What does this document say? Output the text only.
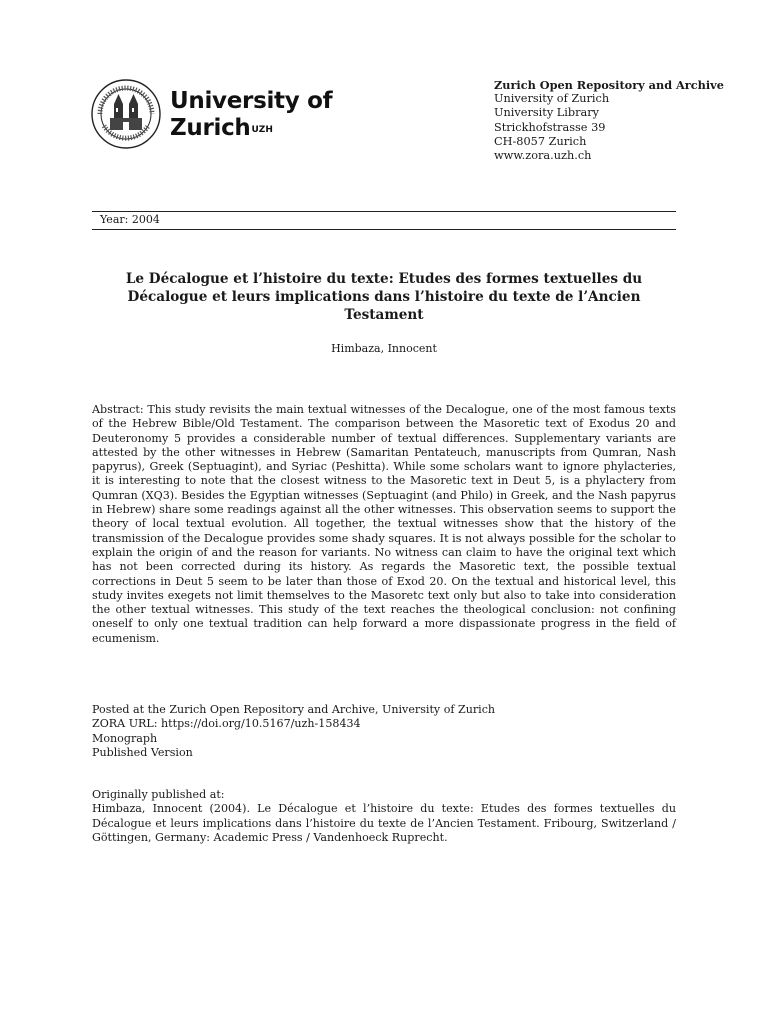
University of
Zurich$^{UZH}$
Zurich Open Repository and Archive
University of Zurich
University Library
Strickhofstrasse 39
CH-8057 Zurich
www.zora.uzh.ch
Year: 2004
Le Décalogue et l’histoire du texte: Etudes des formes textuelles du Décalogue et leurs implications dans l’histoire du texte de l’Ancien Testament
Himbaza, Innocent
Abstract: This study revisits the main textual witnesses of the Decalogue, one of the most famous texts of the Hebrew Bible/Old Testament. The comparison between the Masoretic text of Exodus 20 and Deuteronomy 5 provides a considerable number of textual differences. Supplementary variants are attested by the other witnesses in Hebrew (Samaritan Pentateuch, manuscripts from Qumran, Nash papyrus), Greek (Septuagint), and Syriac (Peshitta). While some scholars want to ignore phylacteries, it is interesting to note that the closest witness to the Masoretic text in Deut 5, is a phylactery from Qumran (XQ3). Besides the Egyptian witnesses (Septuagint (and Philo) in Greek, and the Nash papyrus in Hebrew) share some readings against all the other witnesses. This observation seems to support the theory of local textual evolution. All together, the textual witnesses show that the history of the transmission of the Decalogue provides some shady squares. It is not always possible for the scholar to explain the origin of and the reason for variants. No witness can claim to have the original text which has not been corrected during its history. As regards the Masoretic text, the possible textual corrections in Deut 5 seem to be later than those of Exod 20. On the textual and historical level, this study invites exegets not limit themselves to the Masoretc text only but also to take into consideration the other textual witnesses. This study of the text reaches the theological conclusion: not confining oneself to only one textual tradition can help forward a more dispassionate progress in the field of ecumenism.
Posted at the Zurich Open Repository and Archive, University of Zurich
ZORA URL: https://doi.org/10.5167/uzh-158434
Monograph
Published Version
Originally published at:
Himbaza, Innocent (2004). Le Décalogue et l’histoire du texte: Etudes des formes textuelles du Décalogue et leurs implications dans l’histoire du texte de l’Ancien Testament. Fribourg, Switzerland / Göttingen, Germany: Academic Press / Vandenhoeck Ruprecht.
